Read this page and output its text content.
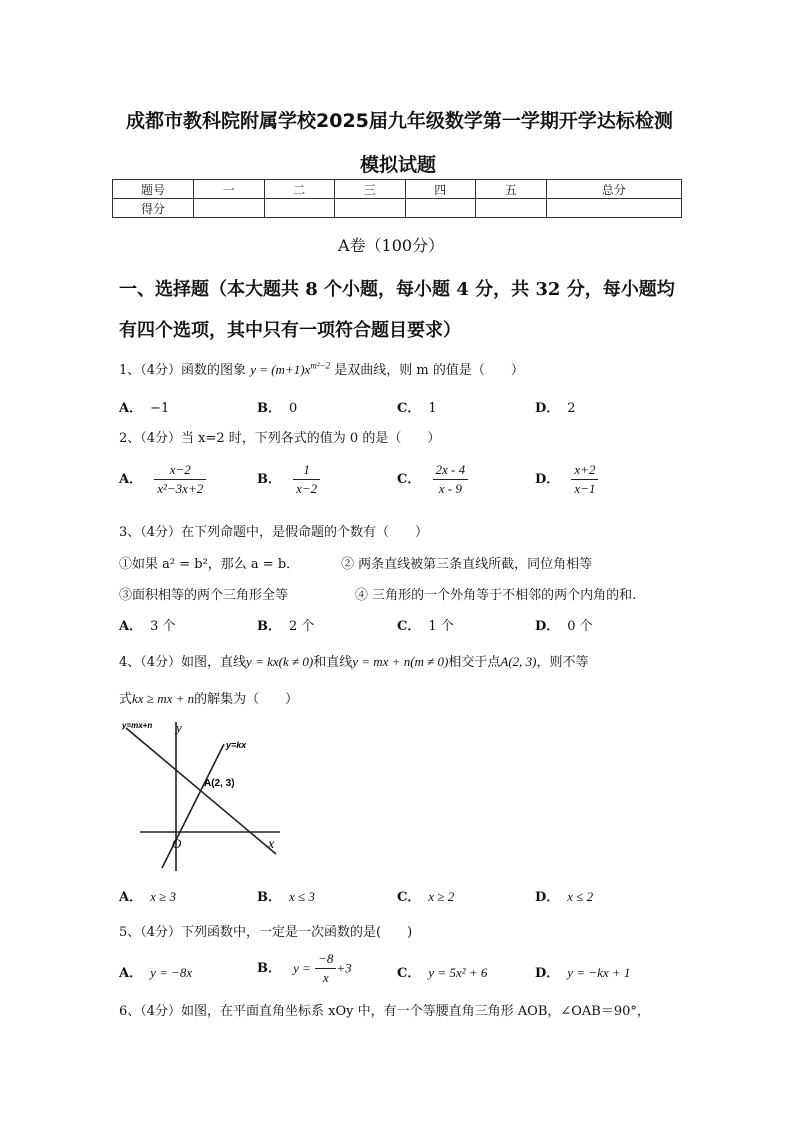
成都市教科院附属学校2025届九年级数学第一学期开学达标检测
模拟试题
题号	一	二	三	四	五	总分
得分						
A卷（100分）
一、选择题（本大题共 8 个小题，每小题 4 分，共 32 分，每小题均
有四个选项，其中只有一项符合题目要求）
1、（4分）函数的图象 $y = (m+1)x^{m^2-2}$ 是双曲线，则 m 的值是（　　）
A． −1	B． 0	C． 1	D． 2
2、（4分）当 x=2 时，下列各式的值为 0 的是（　　）
A． $\frac{x-2}{\text{x²−3x+2}}$	B． $\frac{1}{x-2}$	C． $\frac{2x - 4}{x - 9}$	D． $\frac{x+2}{x-1}$
3、（4分）在下列命题中，是假命题的个数有（　　）
①如果 a² = b²，那么 a = b．	② 两条直线被第三条直线所截，同位角相等
③面积相等的两个三角形全等	④ 三角形的一个外角等于不相邻的两个内角的和.
A． 3 个	B． 2 个	C． 1 个	D． 0 个
4、（4分）如图，直线y = kx(k ≠ 0)和直线y = mx + n(m ≠ 0)相交于点A(2, 3)，则不等
式kx ≥ mx + n的解集为（　　）
y=mx+n y
y=kx
A(2, 3)
O	x
A． x ≥ 3	B． x ≤ 3	C． x ≥ 2	D． x ≤ 2
5、（4分）下列函数中，一定是一次函数的是(　　)
A． y = −8x	B． $y = \frac{-8}{x} +3$	C． y = 5x² + 6	D． y = −kx + 1
6、（4分）如图，在平面直角坐标系 xOy 中，有一个等腰直角三角形 AOB，∠OAB＝90°，
